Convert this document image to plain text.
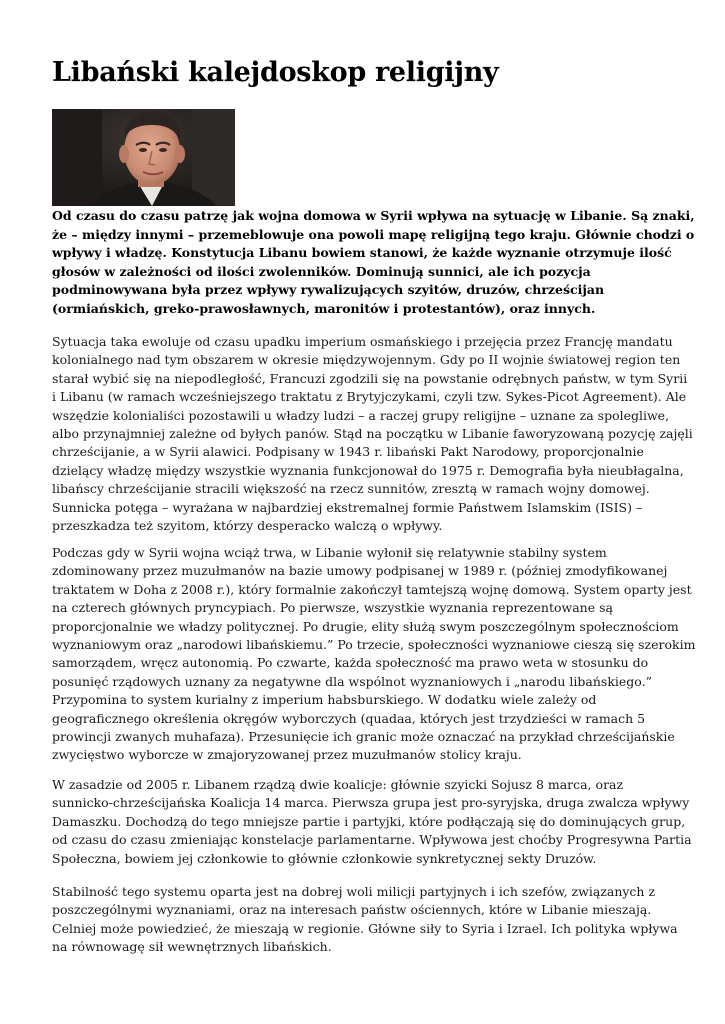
Libański kalejdoskop religijny

Od czasu do czasu patrzę jak wojna domowa w Syrii wpływa na sytuację w Libanie. Są znaki,
że – między innymi – przemeblowuje ona powoli mapę religijną tego kraju. Głównie chodzi o
wpływy i władzę. Konstytucja Libanu bowiem stanowi, że każde wyznanie otrzymuje ilość
głosów w zależności od ilości zwolenników. Dominują sunnici, ale ich pozycja
podminowywana była przez wpływy rywalizujących szyitów, druzów, chrześcijan
(ormiańskich, greko-prawosławnych, maronitów i protestantów), oraz innych.

Sytuacja taka ewoluje od czasu upadku imperium osmańskiego i przejęcia przez Francję mandatu
kolonialnego nad tym obszarem w okresie międzywojennym. Gdy po II wojnie światowej region ten
starał wybić się na niepodległość, Francuzi zgodzili się na powstanie odrębnych państw, w tym Syrii
i Libanu (w ramach wcześniejszego traktatu z Brytyjczykami, czyli tzw. Sykes-Picot Agreement). Ale
wszędzie kolonialiści pozostawili u władzy ludzi – a raczej grupy religijne – uznane za spolegliwe,
albo przynajmniej zależne od byłych panów. Stąd na początku w Libanie faworyzowaną pozycję zajęli
chrześcijanie, a w Syrii alawici. Podpisany w 1943 r. libański Pakt Narodowy, proporcjonalnie
dzielący władzę między wszystkie wyznania funkcjonował do 1975 r. Demografia była nieubłagalna,
libańscy chrześcijanie stracili większość na rzecz sunnitów, zresztą w ramach wojny domowej.
Sunnicka potęga – wyrażana w najbardziej ekstremalnej formie Państwem Islamskim (ISIS) –
przeszkadza też szyitom, którzy desperacko walczą o wpływy.

Podczas gdy w Syrii wojna wciąż trwa, w Libanie wyłonił się relatywnie stabilny system
zdominowany przez muzułmanów na bazie umowy podpisanej w 1989 r. (później zmodyfikowanej
traktatem w Doha z 2008 r.), który formalnie zakończył tamtejszą wojnę domową. System oparty jest
na czterech głównych pryncypiach. Po pierwsze, wszystkie wyznania reprezentowane są
proporcjonalnie we władzy politycznej. Po drugie, elity służą swym poszczególnym społecznościom
wyznaniowym oraz „narodowi libańskiemu.” Po trzecie, społeczności wyznaniowe cieszą się szerokim
samorządem, wręcz autonomią. Po czwarte, każda społeczność ma prawo weta w stosunku do
posunięć rządowych uznany za negatywne dla wspólnot wyznaniowych i „narodu libańskiego.”
Przypomina to system kurialny z imperium habsburskiego. W dodatku wiele zależy od
geograficznego określenia okręgów wyborczych (quadaa, których jest trzydzieści w ramach 5
prowincji zwanych muhafaza). Przesunięcie ich granic może oznaczać na przykład chrześcijańskie
zwycięstwo wyborcze w zmajoryzowanej przez muzułmanów stolicy kraju.

W zasadzie od 2005 r. Libanem rządzą dwie koalicje: głównie szyicki Sojusz 8 marca, oraz
sunnicko-chrześcijańska Koalicja 14 marca. Pierwsza grupa jest pro-syryjska, druga zwalcza wpływy
Damaszku. Dochodzą do tego mniejsze partie i partyjki, które podłączają się do dominujących grup,
od czasu do czasu zmieniając konstelacje parlamentarne. Wpływowa jest choćby Progresywna Partia
Społeczna, bowiem jej członkowie to głównie członkowie synkretycznej sekty Druzów.

Stabilność tego systemu oparta jest na dobrej woli milicji partyjnych i ich szefów, związanych z
poszczególnymi wyznaniami, oraz na interesach państw ościennych, które w Libanie mieszają.
Celniej może powiedzieć, że mieszają w regionie. Główne siły to Syria i Izrael. Ich polityka wpływa
na równowagę sił wewnętrznych libańskich.
